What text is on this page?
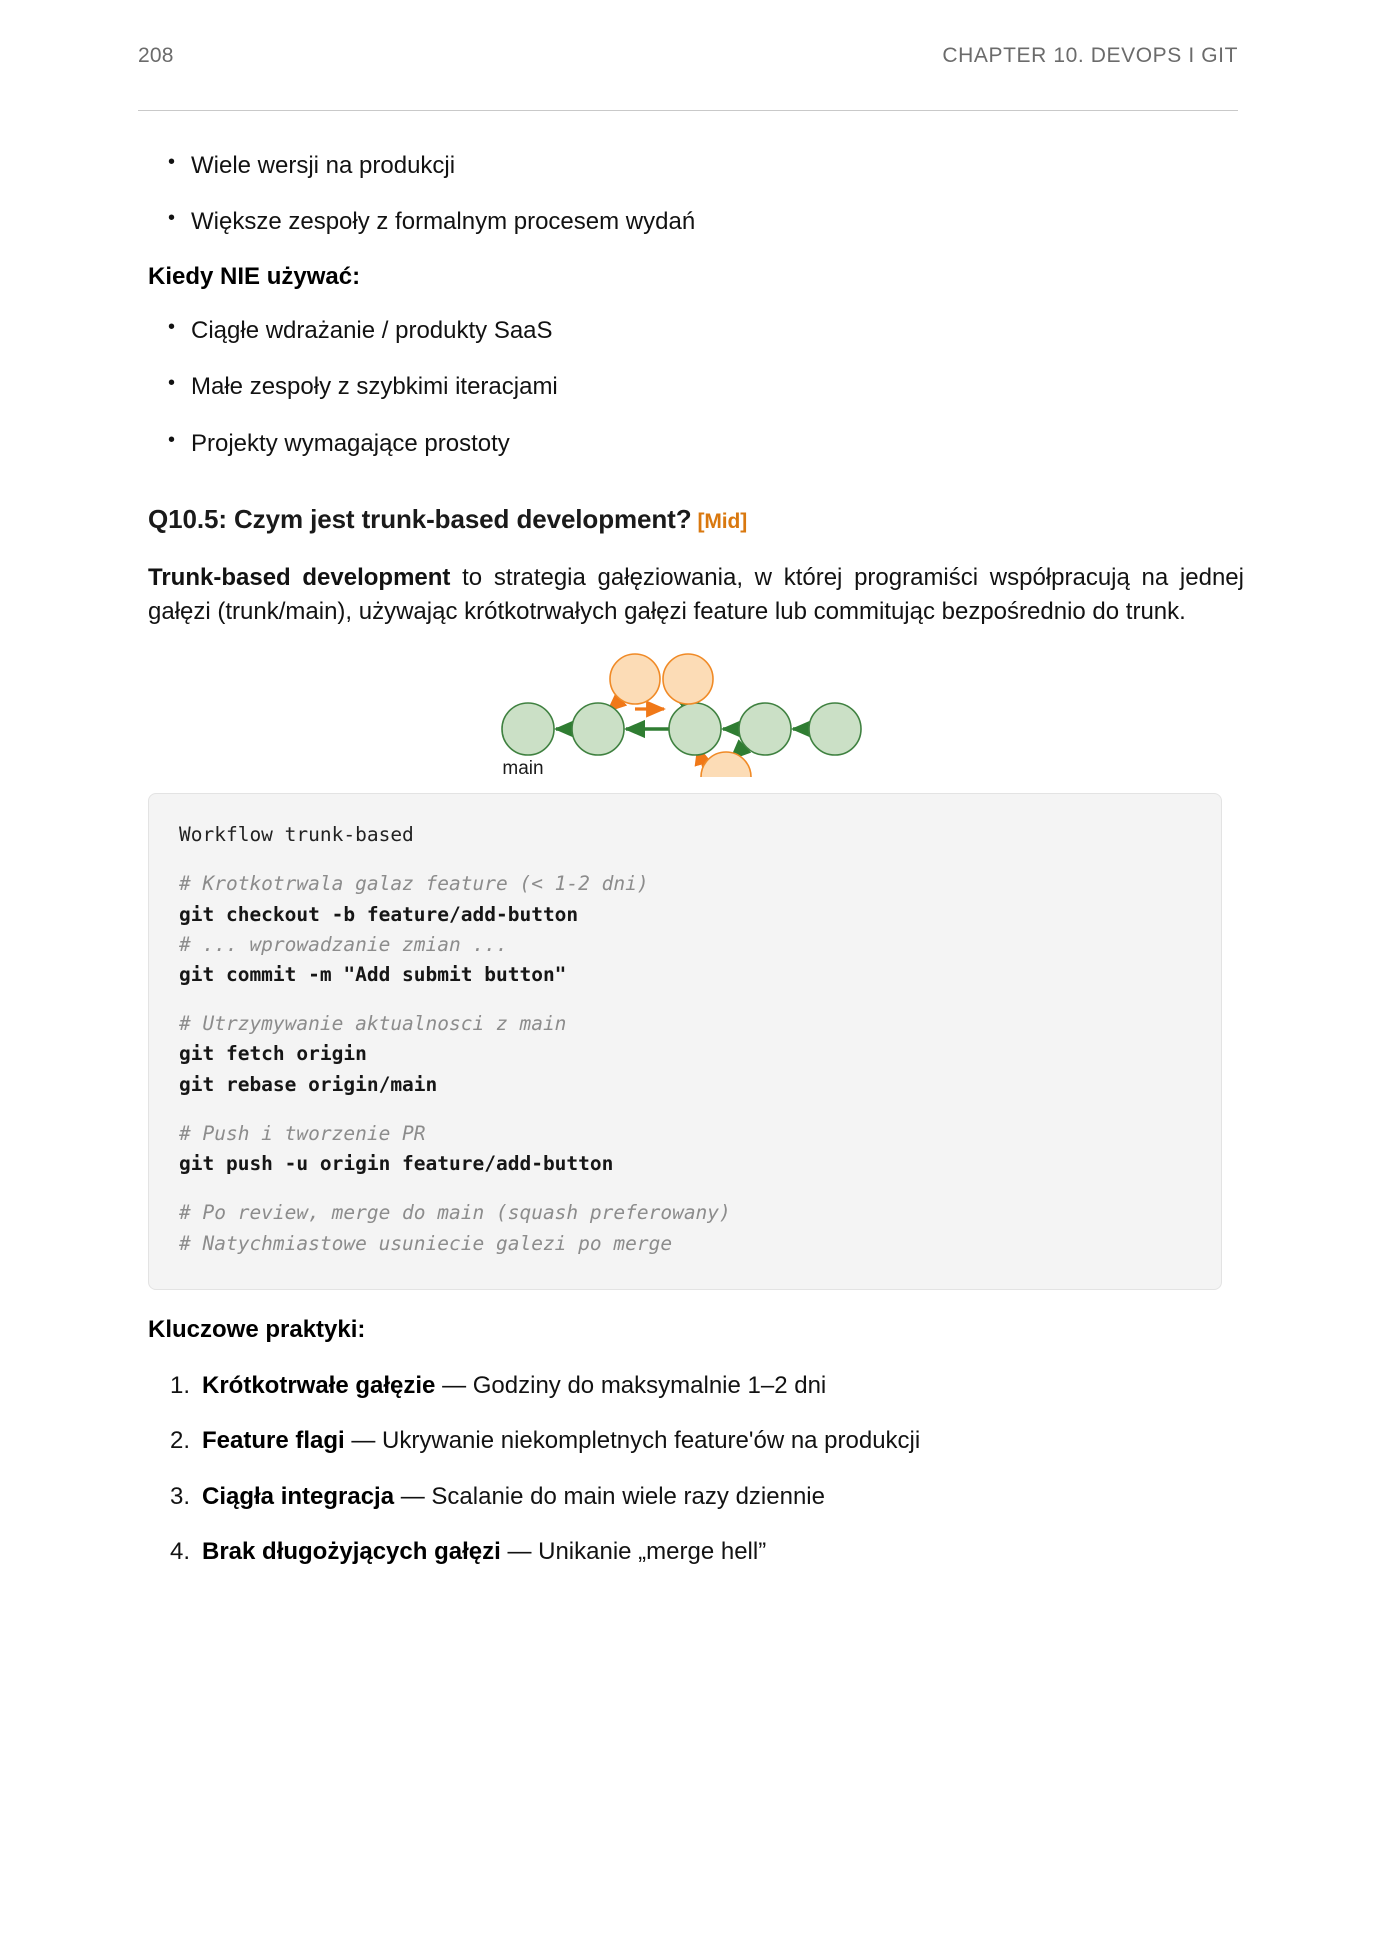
208	CHAPTER 10. DEVOPS I GIT
• Wiele wersji na produkcji
• Większe zespoły z formalnym procesem wydań
Kiedy NIE używać:
• Ciągłe wdrażanie / produkty SaaS
• Małe zespoły z szybkimi iteracjami
• Projekty wymagające prostoty
Q10.5: Czym jest trunk-based development? [Mid]

Trunk-based development to strategia gałęziowania, w której programiści współpracują na jednej gałęzi (trunk/main), używając krótkotrwałych gałęzi feature lub commitując bezpośrednio do trunk.

main
Workflow trunk-based

# Krotkotrwala galaz feature (< 1-2 dni)
git checkout -b feature/add-button
# ... wprowadzanie zmian ...
git commit -m "Add submit button"

# Utrzymywanie aktualnosci z main
git fetch origin
git rebase origin/main

# Push i tworzenie PR
git push -u origin feature/add-button

# Po review, merge do main (squash preferowany)
# Natychmiastowe usuniecie galezi po merge
Kluczowe praktyki:
Krótkotrwałe gałęzie — Godziny do maksymalnie 1–2 dni
Feature flagi — Ukrywanie niekompletnych feature'ów na produkcji
Ciągła integracja — Scalanie do main wiele razy dziennie
Brak długożyjących gałęzi — Unikanie „merge hell”
